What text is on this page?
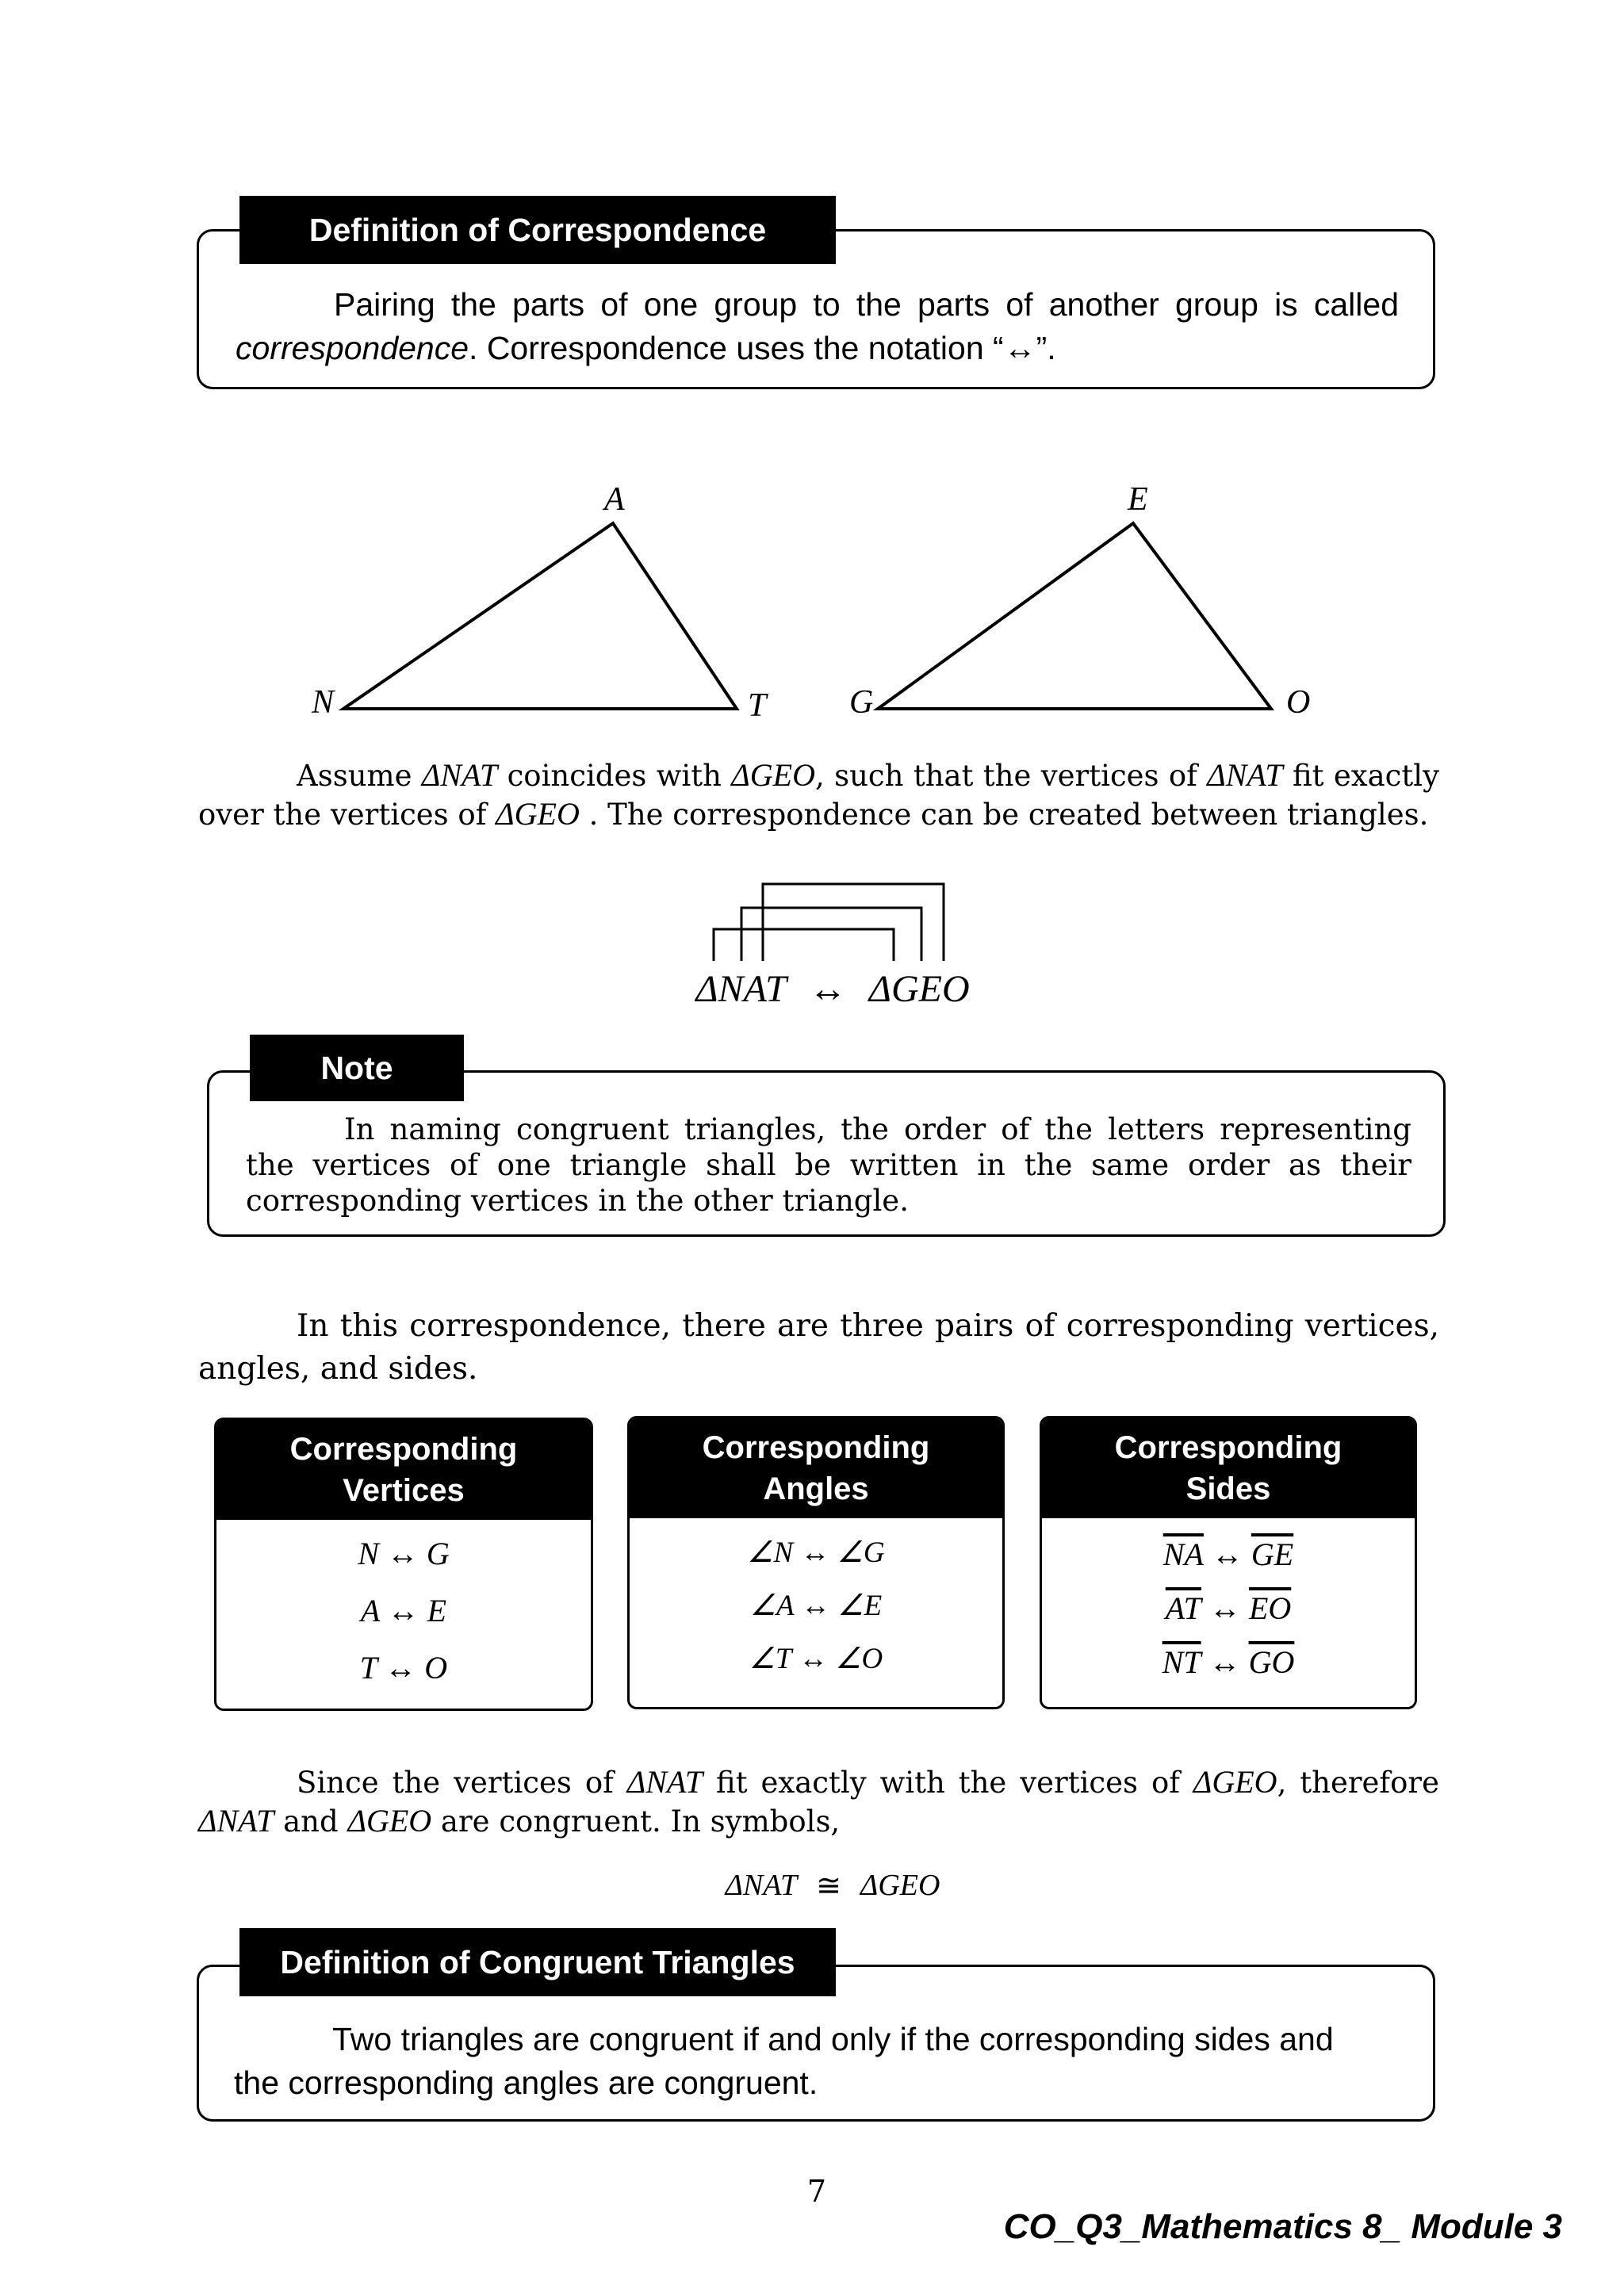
Definition of Correspondence
Pairing the parts of one group to the parts of another group is called correspondence. Correspondence uses the notation “↔”.
A
N	T
E
G	O
Assume ΔNAT coincides with ΔGEO, such that the vertices of ΔNAT fit exactly over the vertices of ΔGEO . The correspondence can be created between triangles.
ΔNAT ↔ ΔGEO
Note
In naming congruent triangles, the order of the letters representing the vertices of one triangle shall be written in the same order as their corresponding vertices in the other triangle.
In this correspondence, there are three pairs of corresponding vertices, angles, and sides.
Corresponding
Vertices
N ↔ G
A ↔ E
T ↔ O
Corresponding
Angles
∠N ↔ ∠G
∠A ↔ ∠E
∠T ↔ ∠O
Corresponding
Sides
$\overline{NA}$ ↔ $\overline{GE}$
$\overline{AT}$ ↔ $\overline{EO}$
$\overline{NT}$ ↔ $\overline{GO}$
Since the vertices of ΔNAT fit exactly with the vertices of ΔGEO, therefore ΔNAT and ΔGEO are congruent. In symbols,
ΔNAT ≅ ΔGEO
Definition of Congruent Triangles
Two triangles are congruent if and only if the corresponding sides and the corresponding angles are congruent.
7
CO_Q3_Mathematics 8_ Module 3
